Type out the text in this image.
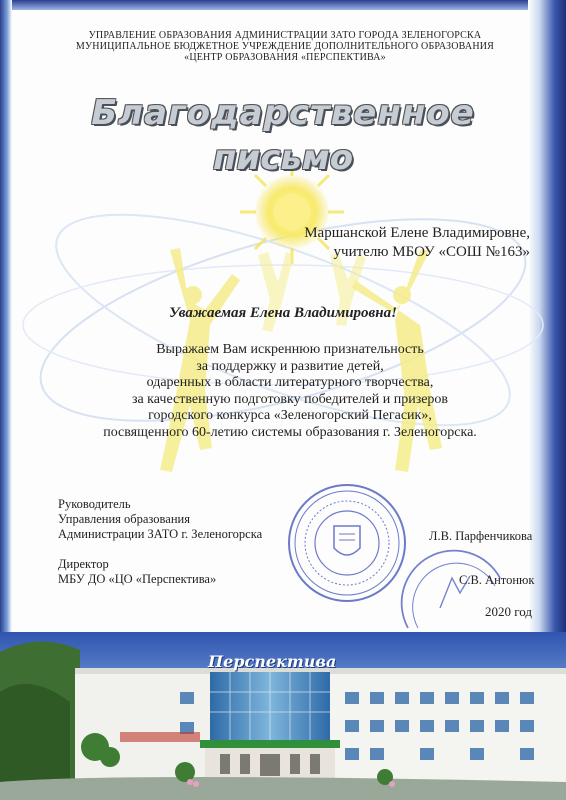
УПРАВЛЕНИЕ ОБРАЗОВАНИЯ АДМИНИСТРАЦИИ ЗАТО ГОРОДА ЗЕЛЕНОГОРСКА
МУНИЦИПАЛЬНОЕ БЮДЖЕТНОЕ УЧРЕЖДЕНИЕ ДОПОЛНИТЕЛЬНОГО ОБРАЗОВАНИЯ
«ЦЕНТР ОБРАЗОВАНИЯ «ПЕРСПЕКТИВА»
Благодарственное
письмо
Маршанской Елене Владимировне,
учителю МБОУ «СОШ №163»
Уважаемая Елена Владимировна!
Выражаем Вам искреннюю признательность
за поддержку и развитие детей,
одаренных в области литературного творчества,
за качественную подготовку победителей и призеров
городского конкурса «Зеленогорский Пегасик»,
посвященного 60-летию системы образования г. Зеленогорска.
Руководитель
Управления образования
Администрации ЗАТО г. Зеленогорска	Л.В. Парфенчикова
Директор
МБУ ДО «ЦО «Перспектива»	С.В. Антонюк
2020 год
Перспектива
